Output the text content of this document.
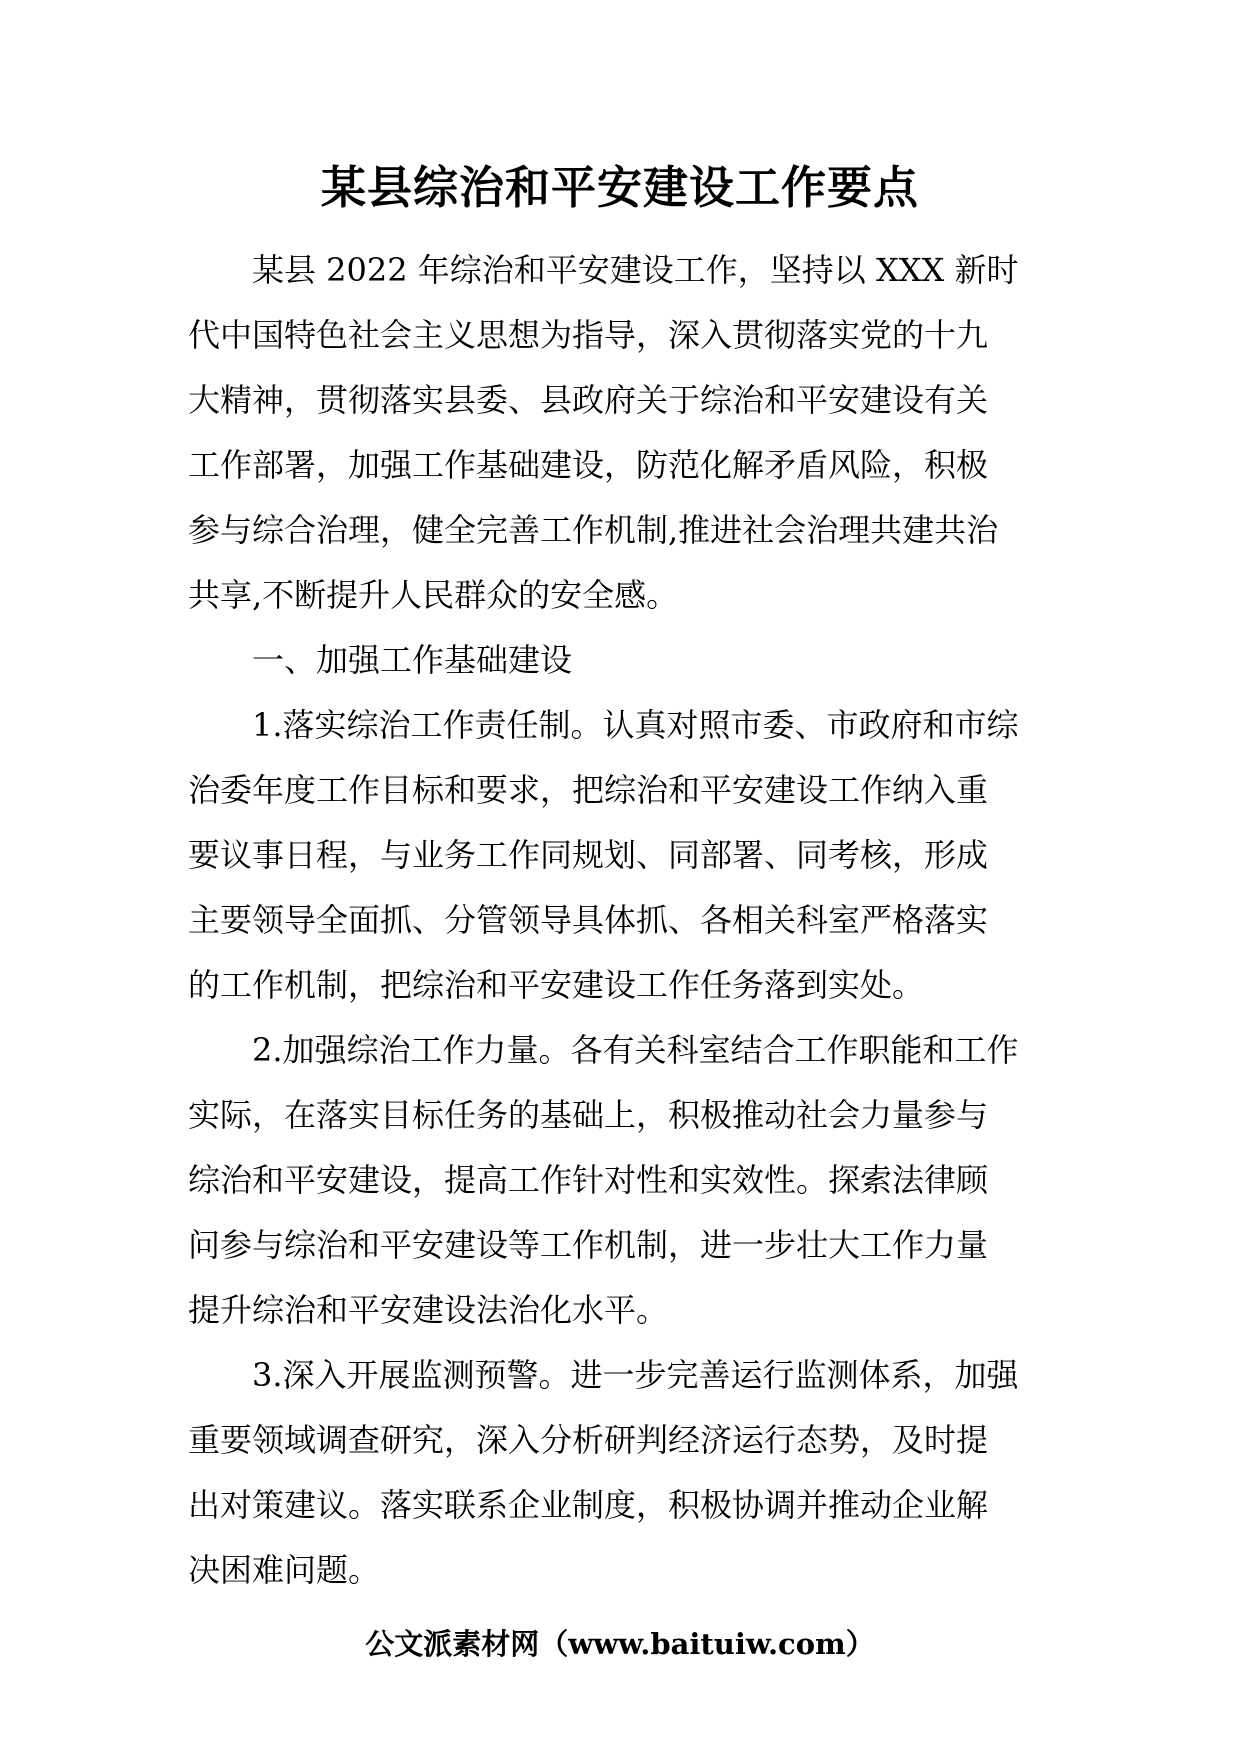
某县综治和平安建设工作要点
某县 2022 年综治和平安建设工作，坚持以 XXX 新时
代中国特色社会主义思想为指导，深入贯彻落实党的十九
大精神，贯彻落实县委、县政府关于综治和平安建设有关
工作部署，加强工作基础建设，防范化解矛盾风险，积极
参与综合治理，健全完善工作机制,推进社会治理共建共治
共享,不断提升人民群众的安全感。
一、加强工作基础建设
1.落实综治工作责任制。认真对照市委、市政府和市综
治委年度工作目标和要求，把综治和平安建设工作纳入重
要议事日程，与业务工作同规划、同部署、同考核，形成
主要领导全面抓、分管领导具体抓、各相关科室严格落实
的工作机制，把综治和平安建设工作任务落到实处。
2.加强综治工作力量。各有关科室结合工作职能和工作
实际，在落实目标任务的基础上，积极推动社会力量参与
综治和平安建设，提高工作针对性和实效性。探索法律顾
问参与综治和平安建设等工作机制，进一步壮大工作力量
提升综治和平安建设法治化水平。
3.深入开展监测预警。进一步完善运行监测体系，加强
重要领域调查研究，深入分析研判经济运行态势，及时提
出对策建议。落实联系企业制度，积极协调并推动企业解
决困难问题。
公文派素材网（www.baituiw.com）
